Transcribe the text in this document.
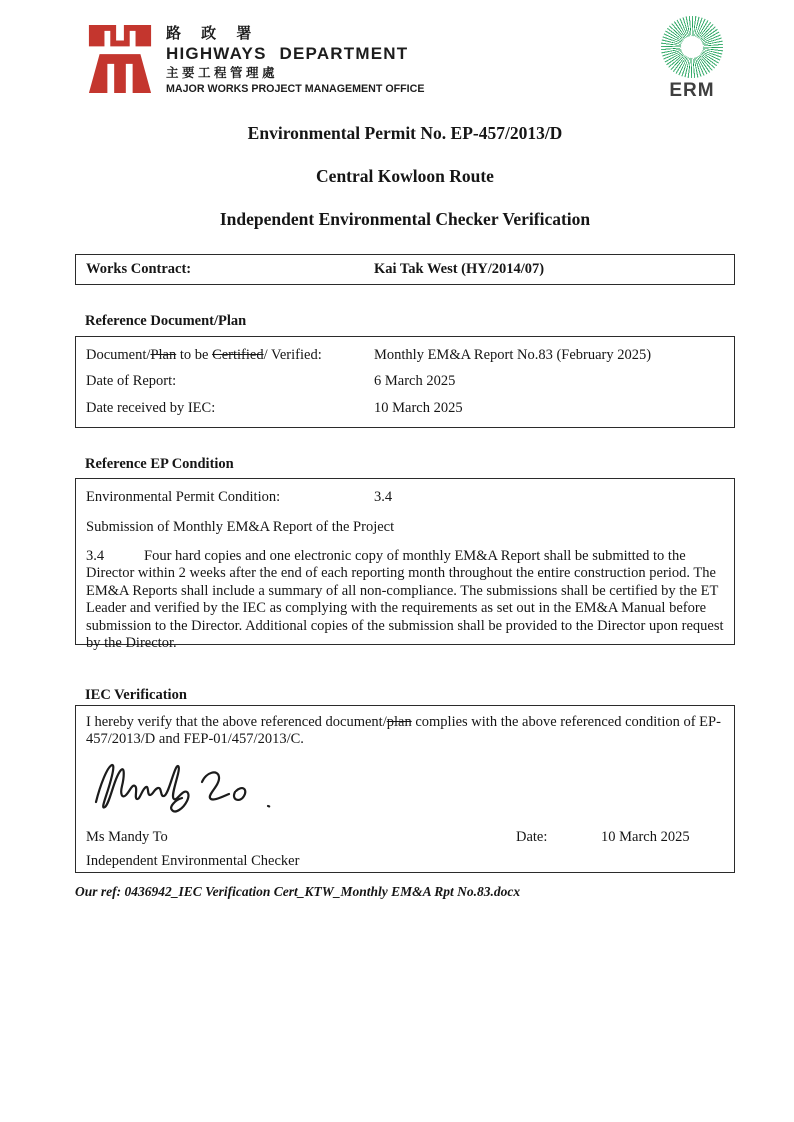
路 政 署
HIGHWAYS DEPARTMENT
主要工程管理處
MAJOR WORKS PROJECT MANAGEMENT OFFICE	ERM
Environmental Permit No. EP-457/2013/D
Central Kowloon Route
Independent Environmental Checker Verification
Works Contract:	Kai Tak West (HY/2014/07)
Reference Document/Plan
Document/Plan to be Certified/ Verified:	Monthly EM&A Report No.83 (February 2025)
Date of Report:	6 March 2025
Date received by IEC:	10 March 2025
Reference EP Condition
Environmental Permit Condition:	3.4
Submission of Monthly EM&A Report of the Project

3.4	Four hard copies and one electronic copy of monthly EM&A Report shall be submitted to the Director within 2 weeks after the end of each reporting month throughout the entire construction period. The EM&A Reports shall include a summary of all non-compliance. The submissions shall be certified by the ET Leader and verified by the IEC as complying with the requirements as set out in the EM&A Manual before submission to the Director. Additional copies of the submission shall be provided to the Director upon request by the Director.

IEC Verification
I hereby verify that the above referenced document/plan complies with the above referenced condition of EP-457/2013/D and FEP-01/457/2013/C.
Ms Mandy To	Date:	10 March 2025
Independent Environmental Checker
Our ref: 0436942_IEC Verification Cert_KTW_Monthly EM&A Rpt No.83.docx
